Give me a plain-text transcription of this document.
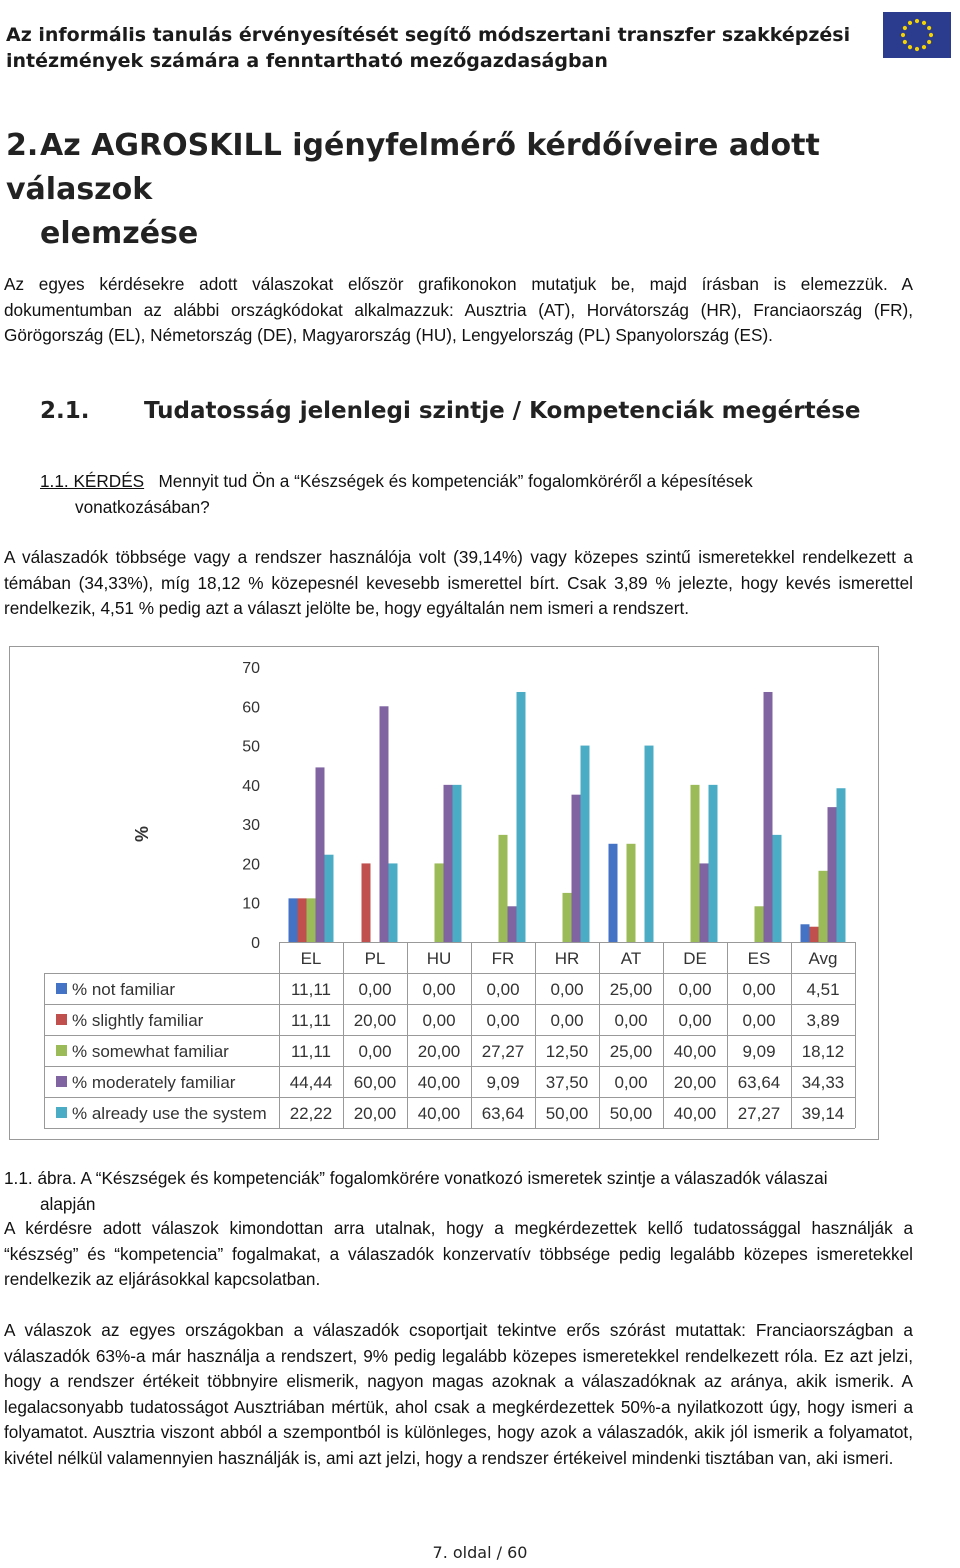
Az informális tanulás érvényesítését segítő módszertani transzfer szakképzési
intézmények számára a fenntartható mezőgazdaságban
2.Az AGROSKILL igényfelmérő kérdőíveire adott válaszok
elemzése
Az egyes kérdésekre adott válaszokat először grafikonokon mutatjuk be, majd írásban is elemezzük. A dokumentumban az alábbi országkódokat alkalmazzuk: Ausztria (AT), Horvátország (HR), Franciaország (FR), Görögország (EL), Németország (DE), Magyarország (HU), Lengyelország (PL) Spanyolország (ES).
2.1. Tudatosság jelenlegi szintje / Kompetenciák megértése
1.1. KÉRDÉS Mennyit tud Ön a “Készségek és kompetenciák” fogalomköréről a képesítések
vonatkozásában?
A válaszadók többsége vagy a rendszer használója volt (39,14%) vagy közepes szintű ismeretekkel rendelkezett a témában (34,33%), míg 18,12 % közepesnél kevesebb ismerettel bírt. Csak 3,89 % jelezte, hogy kevés ismerettel rendelkezik, 4,51 % pedig azt a választ jelölte be, hogy egyáltalán nem ismeri a rendszert.
0
10
20
30
40
50
60
70
%
EL	PL HU FR HR AT DE ES Avg
% not familiar	11,11 0,00 0,00 0,00 0,00 25,00 0,00 0,00 4,51
% slightly familiar	11,11 20,00 0,00 0,00 0,00 0,00 0,00 0,00 3,89
% somewhat familiar	11,11 0,00 20,00 27,27 12,50 25,00 40,00 9,09 18,12
% moderately familiar	44,44 60,00 40,00 9,09 37,50 0,00 20,00 63,64 34,33
% already use the system 22,22 20,00 40,00 63,64 50,00 50,00 40,00 27,27 39,14
1.1. ábra. A “Készségek és kompetenciák” fogalomkörére vonatkozó ismeretek szintje a válaszadók válaszai
alapján
A kérdésre adott válaszok kimondottan arra utalnak, hogy a megkérdezettek kellő tudatossággal használják a “készség” és “kompetencia” fogalmakat, a válaszadók konzervatív többsége pedig legalább közepes ismeretekkel rendelkezik az eljárásokkal kapcsolatban.
A válaszok az egyes országokban a válaszadók csoportjait tekintve erős szórást mutattak: Franciaországban a válaszadók 63%-a már használja a rendszert, 9% pedig legalább közepes ismeretekkel rendelkezett róla. Ez azt jelzi, hogy a rendszer értékeit többnyire elismerik, nagyon magas azoknak a válaszadóknak az aránya, akik ismerik. A legalacsonyabb tudatosságot Ausztriában mértük, ahol csak a megkérdezettek 50%-a nyilatkozott úgy, hogy ismeri a folyamatot. Ausztria viszont abból a szempontból is különleges, hogy azok a válaszadók, akik jól ismerik a folyamatot, kivétel nélkül valamennyien használják is, ami azt jelzi, hogy a rendszer értékeivel mindenki tisztában van, aki ismeri.
7. oldal / 60
